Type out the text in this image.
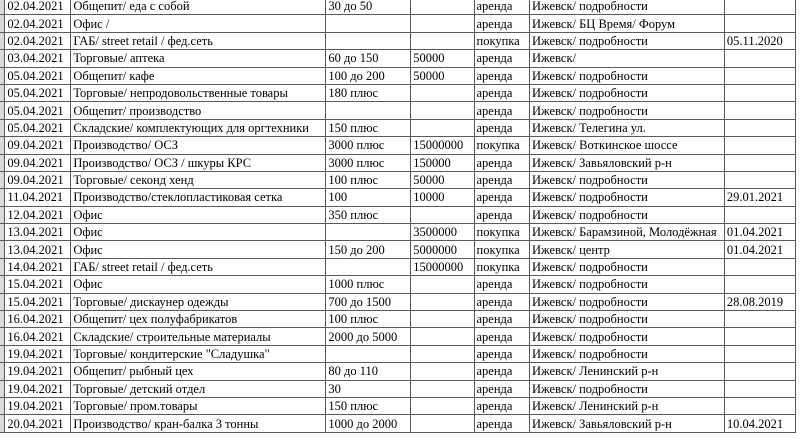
	02.04.2021	Общепит/ еда с собой	30 до 50		аренда	Ижевск/ подробности	
	02.04.2021	Офис /			аренда	Ижевск/ БЦ Время/ Форум	
	02.04.2021	ГАБ/ street retail / фед.сеть			покупка	Ижевск/ подробности	05.11.2020
	03.04.2021	Торговые/ аптека	60 до 150	50000	аренда	Ижевск/	
	05.04.2021	Общепит/ кафе	100 до 200	50000	аренда	Ижевск/ подробности	
	05.04.2021	Торговые/ непродовольственные товары	180 плюс		аренда	Ижевск/ подробности	
	05.04.2021	Общепит/ производство			аренда	Ижевск/ подробности	
	05.04.2021	Складские/ комплектующих для оргтехники	150 плюс		аренда	Ижевск/ Телегина ул.	
	09.04.2021	Производство/ ОСЗ	3000 плюс	15000000	покупка	Ижевск/ Воткинское шоссе	
	09.04.2021	Производство/ ОСЗ / шкуры КРС	3000 плюс	150000	аренда	Ижевск/ Завьяловский р-н	
	09.04.2021	Торговые/ секонд хенд	100 плюс	50000	аренда	Ижевск/ подробности	
	11.04.2021	Производство/стеклопластиковая сетка	100	10000	аренда	Ижевск/ подробности	29.01.2021
	12.04.2021	Офис	350 плюс		аренда	Ижевск/ подробности	
	13.04.2021	Офис		3500000	покупка	Ижевск/ Барамзиной, Молодёжная	01.04.2021
	13.04.2021	Офис	150 до 200	5000000	покупка	Ижевск/ центр	01.04.2021
	14.04.2021	ГАБ/ street retail / фед.сеть		15000000	покупка	Ижевск/ подробности	
	15.04.2021	Офис	1000 плюс		аренда	Ижевск/ подробности	
	15.04.2021	Торговые/ дискаунер одежды	700 до 1500		аренда	Ижевск/ подробности	28.08.2019
	16.04.2021	Общепит/ цех полуфабрикатов	100 плюс		аренда	Ижевск/ подробности	
	16.04.2021	Складские/ строительные материалы	2000 до 5000		аренда	Ижевск/ подробности	
	19.04.2021	Торговые/ кондитерские "Сладушка"			аренда	Ижевск/ подробности	
	19.04.2021	Общепит/ рыбный цех	80 до 110		аренда	Ижевск/ Ленинский р-н	
	19.04.2021	Торговые/ детский отдел	30		аренда	Ижевск/ подробности	
	19.04.2021	Торговые/ пром.товары	150 плюс		аренда	Ижевск/ Ленинский р-н	
	20.04.2021	Производство/ кран-балка 3 тонны	1000 до 2000		аренда	Ижевск/ Завьяловский р-н	10.04.2021
